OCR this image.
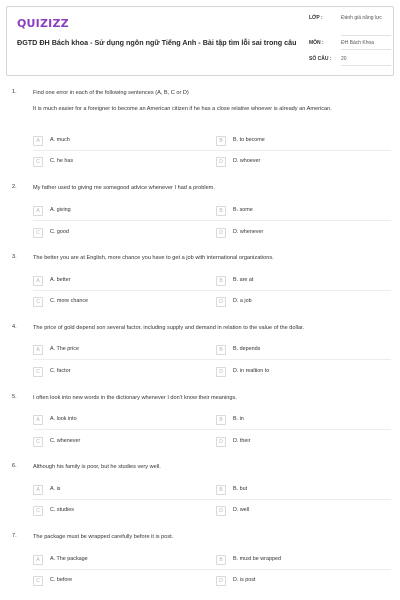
QUIZIZZ
ĐGTD ĐH Bách khoa - Sử dụng ngôn ngữ Tiếng Anh - Bài tập tìm lỗi sai trong câu
LỚP :	Đánh giá năng lực
MÔN :	ĐH Bách Khoa
SỐ CÂU : 20
1.	Find one error in each of the following sentences (A, B, C or D)
It is much easier for a foreigner to become an American citizen if he has a close relative whoever is already an American.
A	A. much	B	B. to become
C	C. he has	D	D. whoever
2.	My father used to giving me somegood advice whenever I had a problem.
A	A. giving	B	B. some
C	C. good	D	D. whenever
3.	The better you are at English, more chance you have to get a job with international organizations.
A	A. better	B	B. are at
C	C. more chance	D	D. a job
4.	The price of gold depend son several factor, including supply and demand in relation to the value of the dollar.
A	A. The price	B	B. depends
C	C. factor	D	D. in realtion to
5.	I often look into new words in the dictionary whenever I don't know their meanings.
A	A. look into	B	B. in
C	C. whenever	D	D. their
6.	Although his family is poor, but he studies very well.
A	A. is	B	B. but
C	C. studies	D	D. well
7.	The package must be wrapped carefully before it is post.
A	A. The package	B	B. must be wrapped
C	C. before	D	D. is post
